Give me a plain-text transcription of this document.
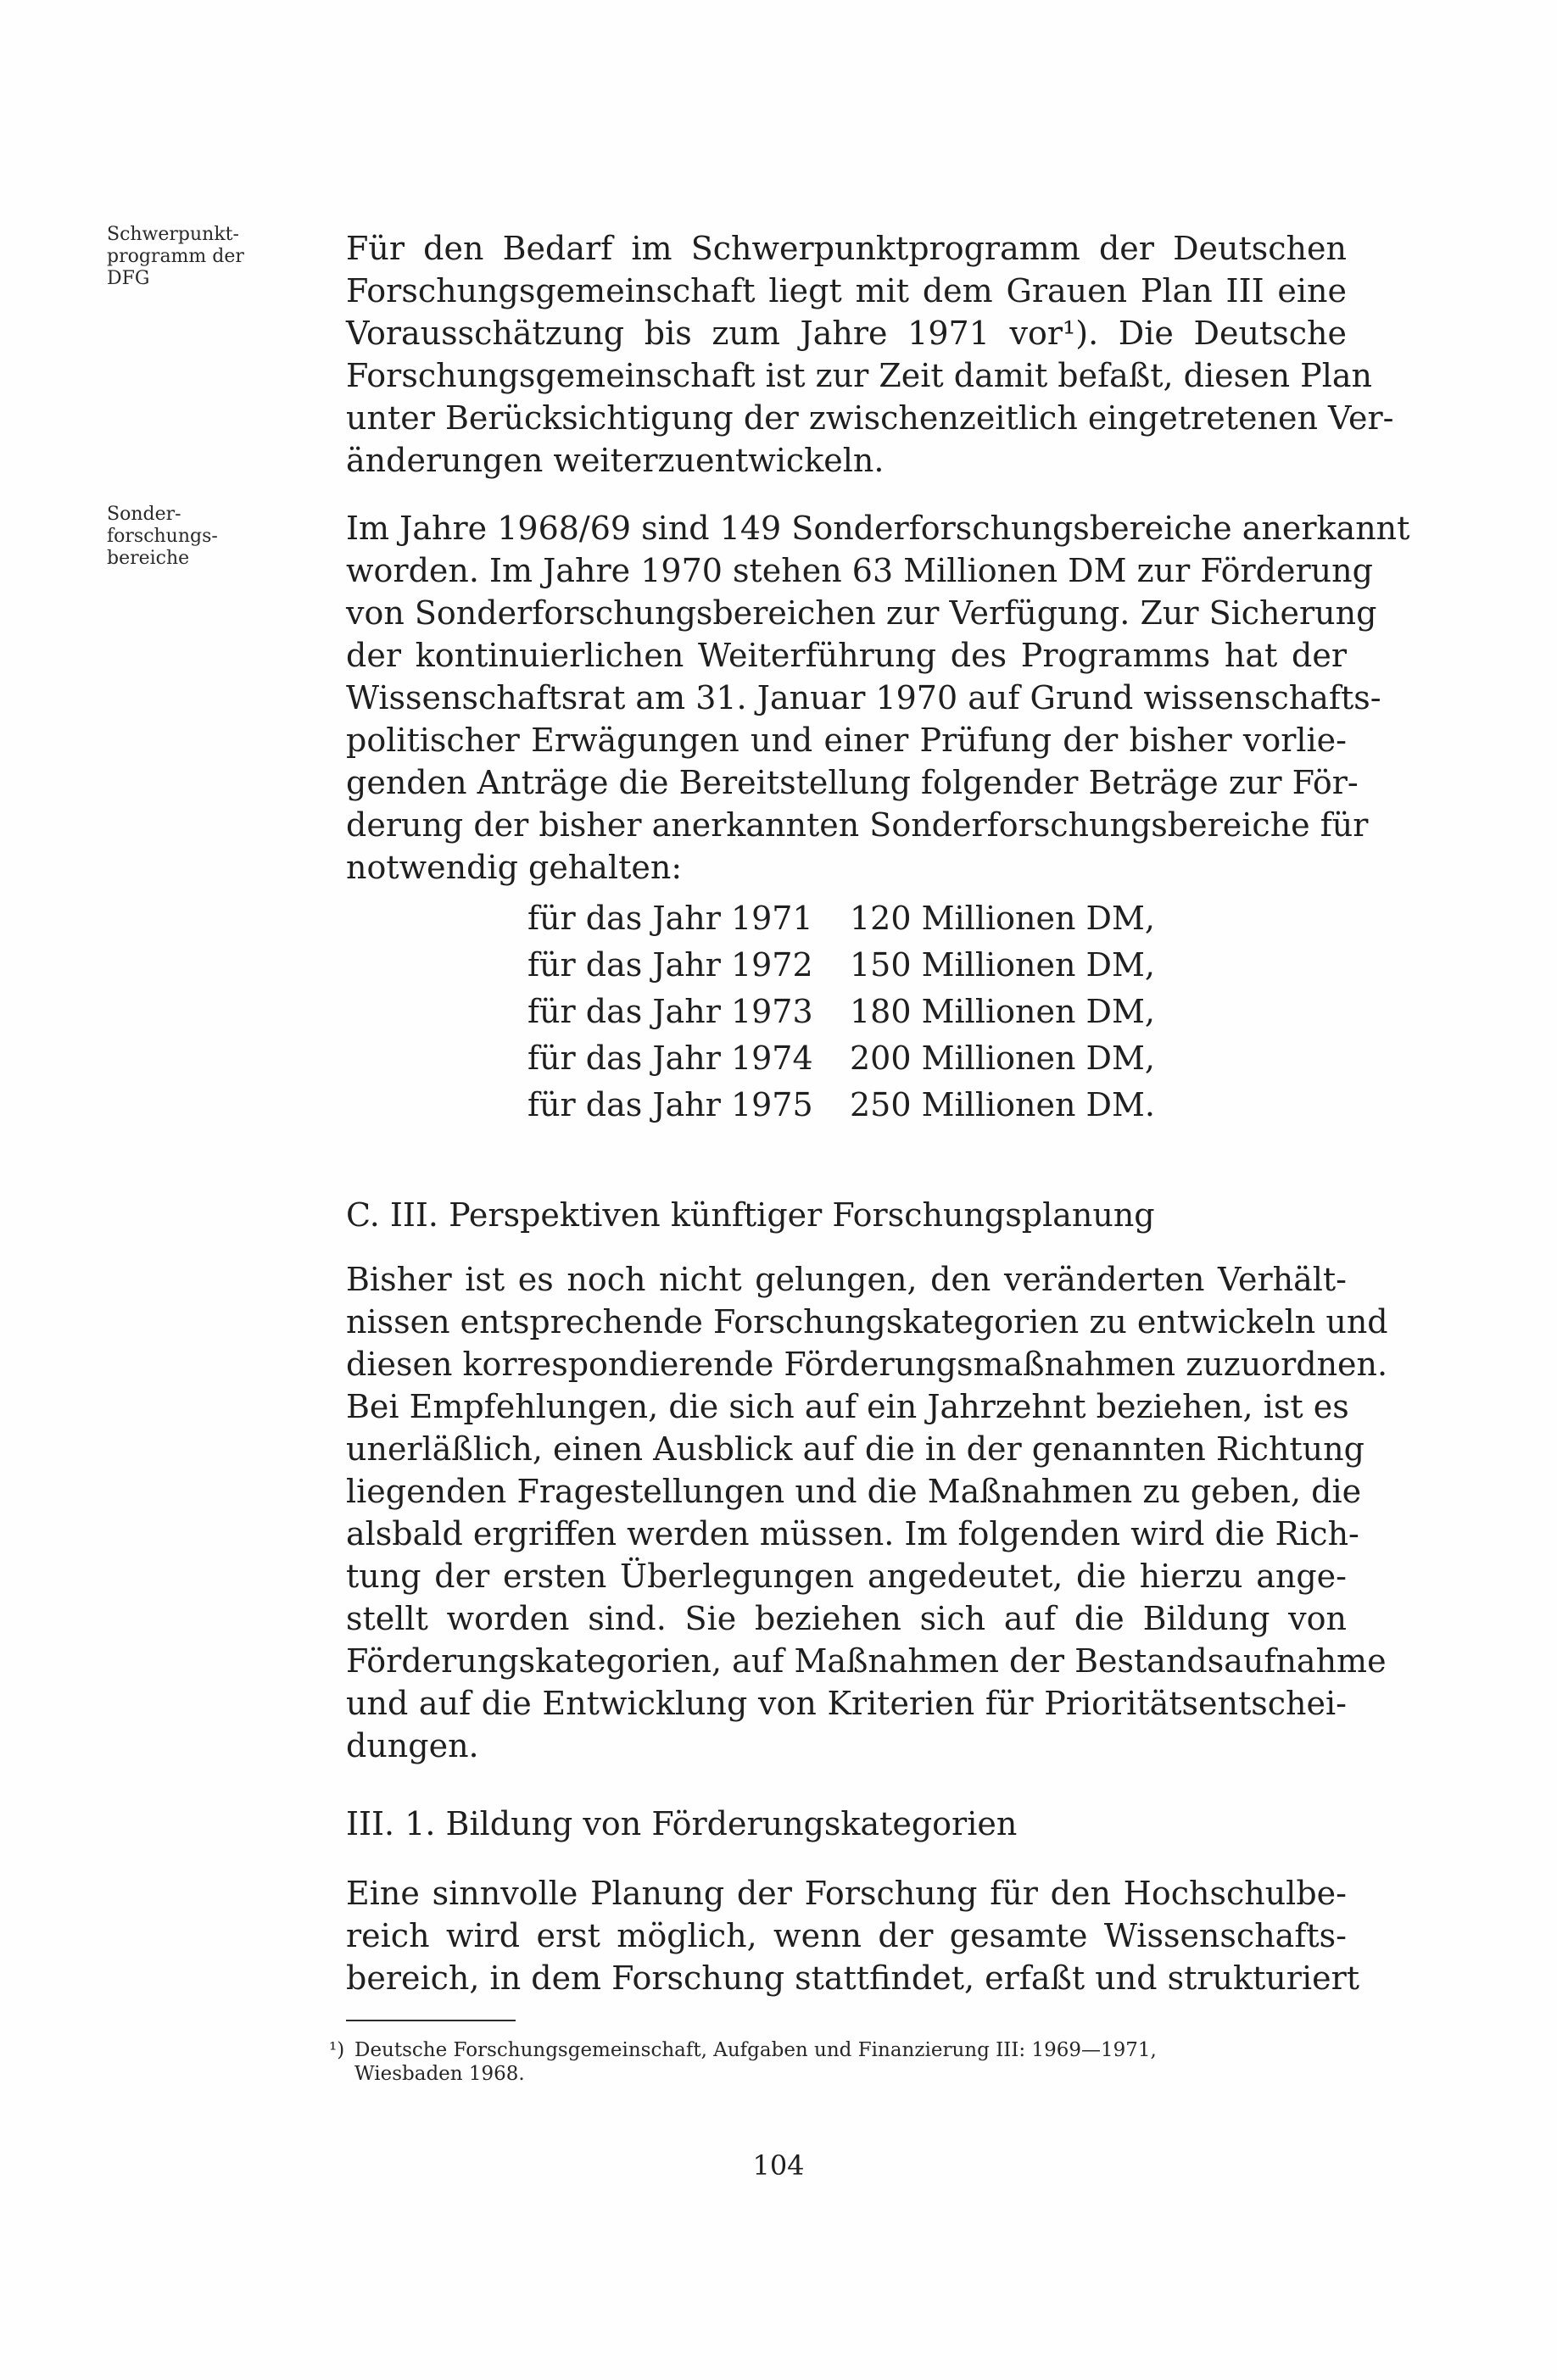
Schwerpunkt-
programm der
DFG
Für den Bedarf im Schwerpunktprogramm der Deutschen
Forschungsgemeinschaft liegt mit dem Grauen Plan III eine
Vorausschätzung bis zum Jahre 1971 vor¹). Die Deutsche
Forschungsgemeinschaft ist zur Zeit damit befaßt, diesen Plan
unter Berücksichtigung der zwischenzeitlich eingetretenen Ver-
änderungen weiterzuentwickeln.
Sonder-
forschungs-
bereiche
Im Jahre 1968/69 sind 149 Sonderforschungsbereiche anerkannt
worden. Im Jahre 1970 stehen 63 Millionen DM zur Förderung
von Sonderforschungsbereichen zur Verfügung. Zur Sicherung
der kontinuierlichen Weiterführung des Programms hat der
Wissenschaftsrat am 31. Januar 1970 auf Grund wissenschafts-
politischer Erwägungen und einer Prüfung der bisher vorlie-
genden Anträge die Bereitstellung folgender Beträge zur För-
derung der bisher anerkannten Sonderforschungsbereiche für
notwendig gehalten:
für das Jahr 1971	120 Millionen DM,
für das Jahr 1972	150 Millionen DM,
für das Jahr 1973	180 Millionen DM,
für das Jahr 1974	200 Millionen DM,
für das Jahr 1975	250 Millionen DM.
C. III. Perspektiven künftiger Forschungsplanung
Bisher ist es noch nicht gelungen, den veränderten Verhält-
nissen entsprechende Forschungskategorien zu entwickeln und
diesen korrespondierende Förderungsmaßnahmen zuzuordnen.
Bei Empfehlungen, die sich auf ein Jahrzehnt beziehen, ist es
unerläßlich, einen Ausblick auf die in der genannten Richtung
liegenden Fragestellungen und die Maßnahmen zu geben, die
alsbald ergriffen werden müssen. Im folgenden wird die Rich-
tung der ersten Überlegungen angedeutet, die hierzu ange-
stellt worden sind. Sie beziehen sich auf die Bildung von
Förderungskategorien, auf Maßnahmen der Bestandsaufnahme
und auf die Entwicklung von Kriterien für Prioritätsentschei-
dungen.
III. 1. Bildung von Förderungskategorien
Eine sinnvolle Planung der Forschung für den Hochschulbe-
reich wird erst möglich, wenn der gesamte Wissenschafts-
bereich, in dem Forschung stattfindet, erfaßt und strukturiert
¹) Deutsche Forschungsgemeinschaft, Aufgaben und Finanzierung III: 1969—1971,
Wiesbaden 1968.
104
